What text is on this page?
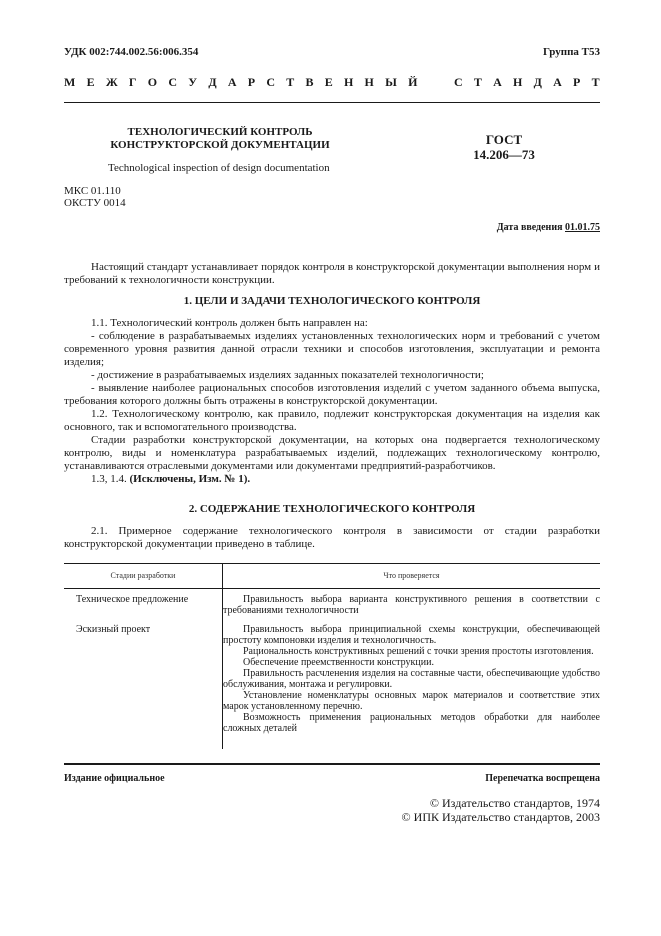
УДК 002:744.002.56:006.354	Группа Т53
М Е Ж Г О С У Д А Р С Т В Е Н Н Ы Й	С Т А Н Д А Р Т
ТЕХНОЛОГИЧЕСКИЙ КОНТРОЛЬ
КОНСТРУКТОРСКОЙ ДОКУМЕНТАЦИИ
Technological inspection of design documentation
ГОСТ
14.206—73
МКС 01.110
ОКСТУ 0014
Дата введения 01.01.75

Настоящий стандарт устанавливает порядок контроля в конструкторской документации выполнения норм и требований к технологичности конструкции.

1. ЦЕЛИ И ЗАДАЧИ ТЕХНОЛОГИЧЕСКОГО КОНТРОЛЯ

1.1. Технологический контроль должен быть направлен на:

- соблюдение в разрабатываемых изделиях установленных технологических норм и требований с учетом современного уровня развития данной отрасли техники и способов изготовления, эксплуатации и ремонта изделия;

- достижение в разрабатываемых изделиях заданных показателей технологичности;

- выявление наиболее рациональных способов изготовления изделий с учетом заданного объема выпуска, требования которого должны быть отражены в конструкторской документации.

1.2. Технологическому контролю, как правило, подлежит конструкторская документация на изделия как основного, так и вспомогательного производства.

Стадии разработки конструкторской документации, на которых она подвергается технологическому контролю, виды и номенклатура разрабатываемых изделий, подлежащих технологическому контролю, устанавливаются отраслевыми документами или документами предприятий-разработчиков.

1.3, 1.4. (Исключены, Изм. № 1).

2. СОДЕРЖАНИЕ ТЕХНОЛОГИЧЕСКОГО КОНТРОЛЯ

2.1. Примерное содержание технологического контроля в зависимости от стадии разработки конструкторской документации приведено в таблице.

Стадии разработки	Что проверяется
Техническое предложение	Правильность выбора варианта конструктивного решения в соответствии с требованиями технологичности

Эскизный проект	Правильность выбора принципиальной схемы конструкции, обеспечивающей простоту компоновки изделия и технологичность.

Рациональность конструктивных решений с точки зрения простоты изготовления.

Обеспечение преемственности конструкции.

Правильность расчленения изделия на составные части, обеспечивающие удобство обслуживания, монтажа и регулировки.

Установление номенклатуры основных марок материалов и соответствие этих марок установленному перечню.

Возможность применения рациональных методов обработки для наиболее сложных деталей

Издание официальное	Перепечатка воспрещена
© Издательство стандартов, 1974
© ИПК Издательство стандартов, 2003
